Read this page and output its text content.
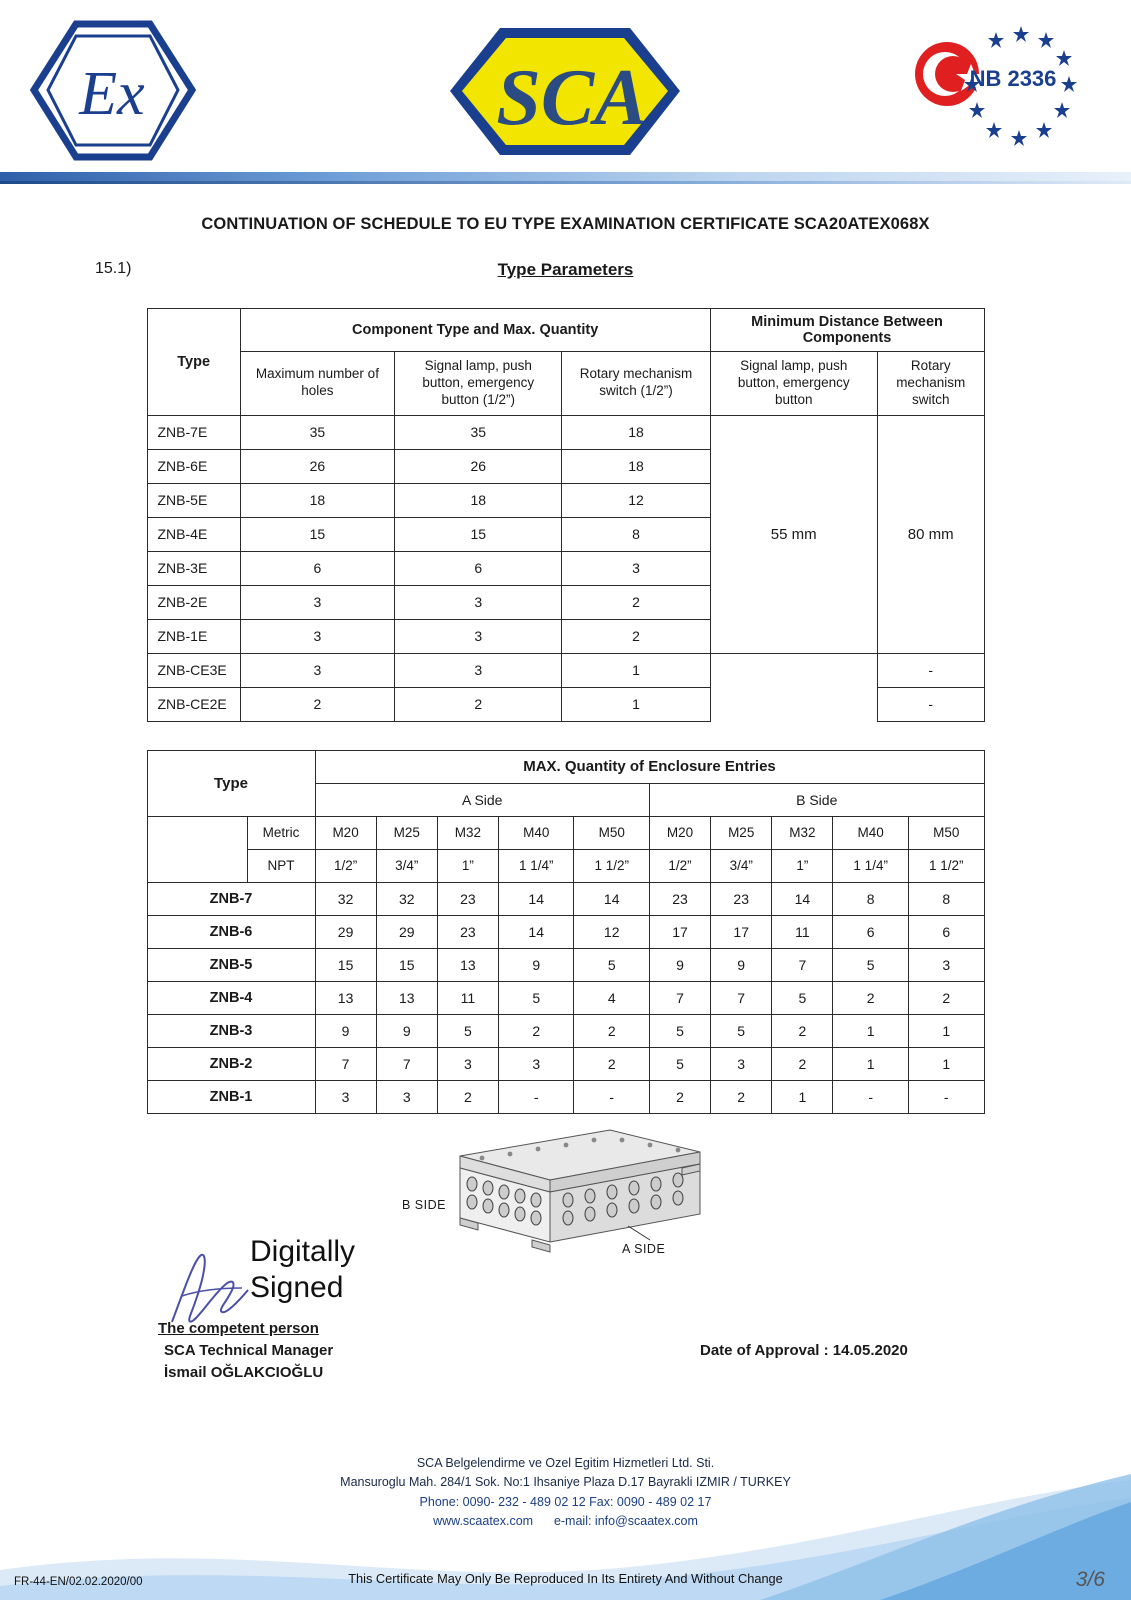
Ex	SCA	NB 2336
CONTINUATION OF SCHEDULE TO EU TYPE EXAMINATION CERTIFICATE SCA20ATEX068X
15.1)	Type Parameters
Type	Component Type and Max. Quantity			Minimum Distance Between Components	
	Maximum number of holes	Signal lamp, push button, emergency button (1/2”)	Rotary mechanism switch (1/2”)	Signal lamp, push button, emergency button	Rotary mechanism switch
ZNB-7E	35	35	18	55 mm	80 mm
ZNB-6E	26	26	18		
ZNB-5E	18	18	12		
ZNB-4E	15	15	8		
ZNB-3E	6	6	3		
ZNB-2E	3	3	2		
ZNB-1E	3	3	2		
ZNB-CE3E	3	3	1		-
ZNB-CE2E	2	2	1		-
Type		MAX. Quantity of Enclosure Entries									
		A Side					B Side				
	Metric	M20	M25	M32	M40	M50	M20	M25	M32	M40	M50
	NPT	1/2”	3/4”	1”	1 1/4”	1 1/2”	1/2”	3/4”	1”	1 1/4”	1 1/2”
ZNB-7		32	32	23	14	14	23	23	14	8	8
ZNB-6		29	29	23	14	12	17	17	11	6	6
ZNB-5		15	15	13	9	5	9	9	7	5	3
ZNB-4		13	13	11	5	4	7	7	5	2	2
ZNB-3		9	9	5	2	2	5	5	2	1	1
ZNB-2		7	7	3	3	2	5	3	2	1	1
ZNB-1		3	3	2	-	-	2	2	1	-	-
B SIDE
A SIDE
Digitally
Signed
The competent person
SCA Technical Manager
İsmail OĞLAKCIOĞLU
Date of Approval : 14.05.2020
SCA Belgelendirme ve Ozel Egitim Hizmetleri Ltd. Sti.
Mansuroglu Mah. 284/1 Sok. No:1 Ihsaniye Plaza D.17 Bayrakli IZMIR / TURKEY
Phone: 0090- 232 - 489 02 12 Fax: 0090 - 489 02 17
www.scaatex.com e-mail: info@scaatex.com
This Certificate May Only Be Reproduced In Its Entirety And Without Change
FR-44-EN/02.02.2020/00	3/6
